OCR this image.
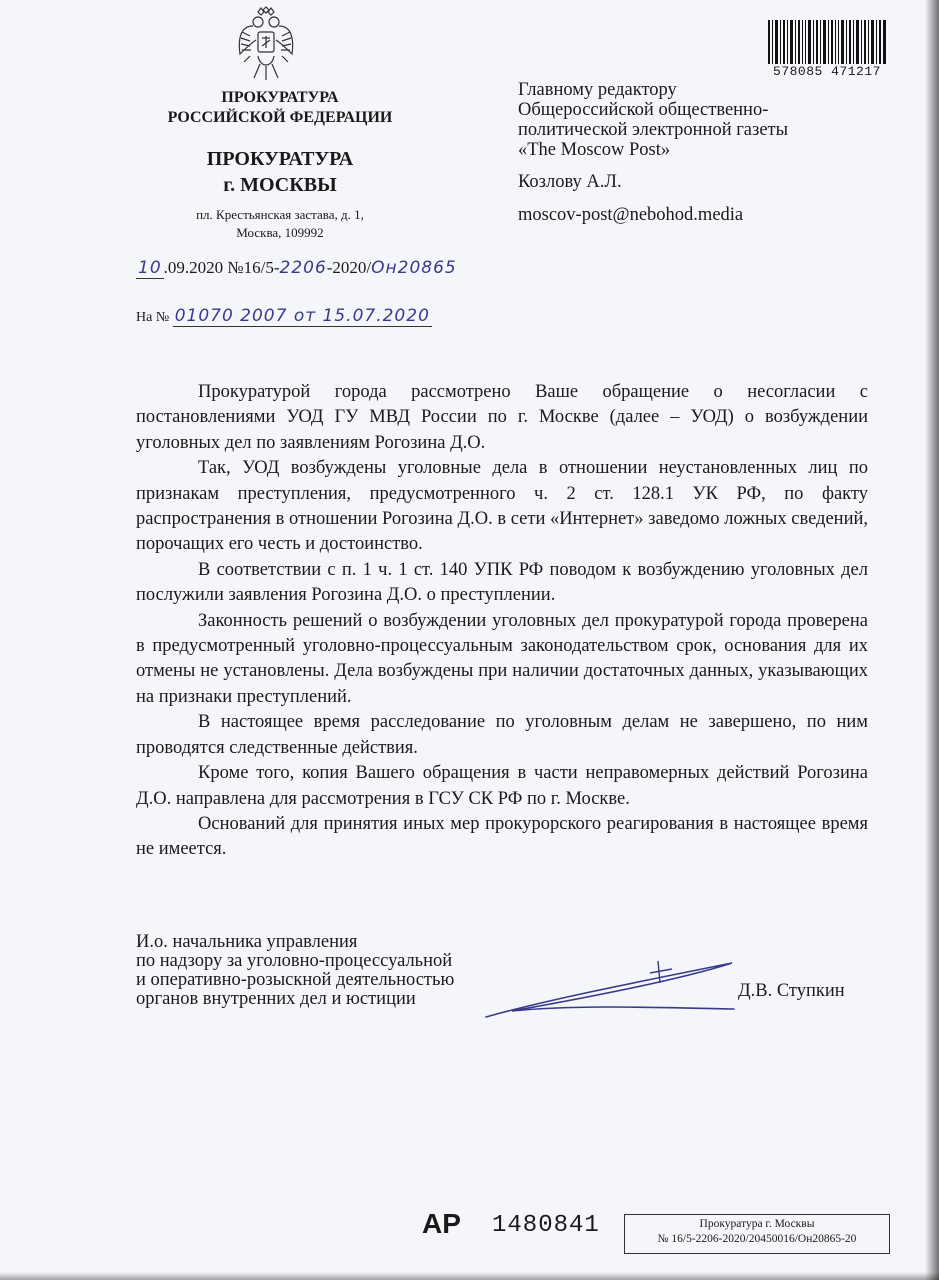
578085 471217
ПРОКУРАТУРА
РОССИЙСКОЙ ФЕДЕРАЦИИ
ПРОКУРАТУРА
г. МОСКВЫ
пл. Крестьянская застава, д. 1,
Москва, 109992
10 .09.2020 №16/5-2206-2020/Он20865
На № 01070 2007 от 15.07.2020
Главному редактору
Общероссийской общественно-
политической электронной газеты
«The Moscow Post»
Козлову А.Л.
moscov-post@nebohod.media

Прокуратурой города рассмотрено Ваше обращение о несогласии с постановлениями УОД ГУ МВД России по г. Москве (далее – УОД) о возбуждении уголовных дел по заявлениям Рогозина Д.О.

Так, УОД возбуждены уголовные дела в отношении неустановленных лиц по признакам преступления, предусмотренного ч. 2 ст. 128.1 УК РФ, по факту распространения в отношении Рогозина Д.О. в сети «Интернет» заведомо ложных сведений, порочащих его честь и достоинство.

В соответствии с п. 1 ч. 1 ст. 140 УПК РФ поводом к возбуждению уголовных дел послужили заявления Рогозина Д.О. о преступлении.

Законность решений о возбуждении уголовных дел прокуратурой города проверена в предусмотренный уголовно-процессуальным законодательством срок, основания для их отмены не установлены. Дела возбуждены при наличии достаточных данных, указывающих на признаки преступлений.

В настоящее время расследование по уголовным делам не завершено, по ним проводятся следственные действия.

Кроме того, копия Вашего обращения в части неправомерных действий Рогозина Д.О. направлена для рассмотрения в ГСУ СК РФ по г. Москве.

Оснований для принятия иных мер прокурорского реагирования в настоящее время не имеется.

И.о. начальника управления
по надзору за уголовно-процессуальной
и оперативно-розыскной деятельностью
органов внутренних дел и юстиции	Д.В. Ступкин
АР 1480841	Прокуратура г. Москвы
№ 16/5-2206-2020/20450016/Он20865-20
